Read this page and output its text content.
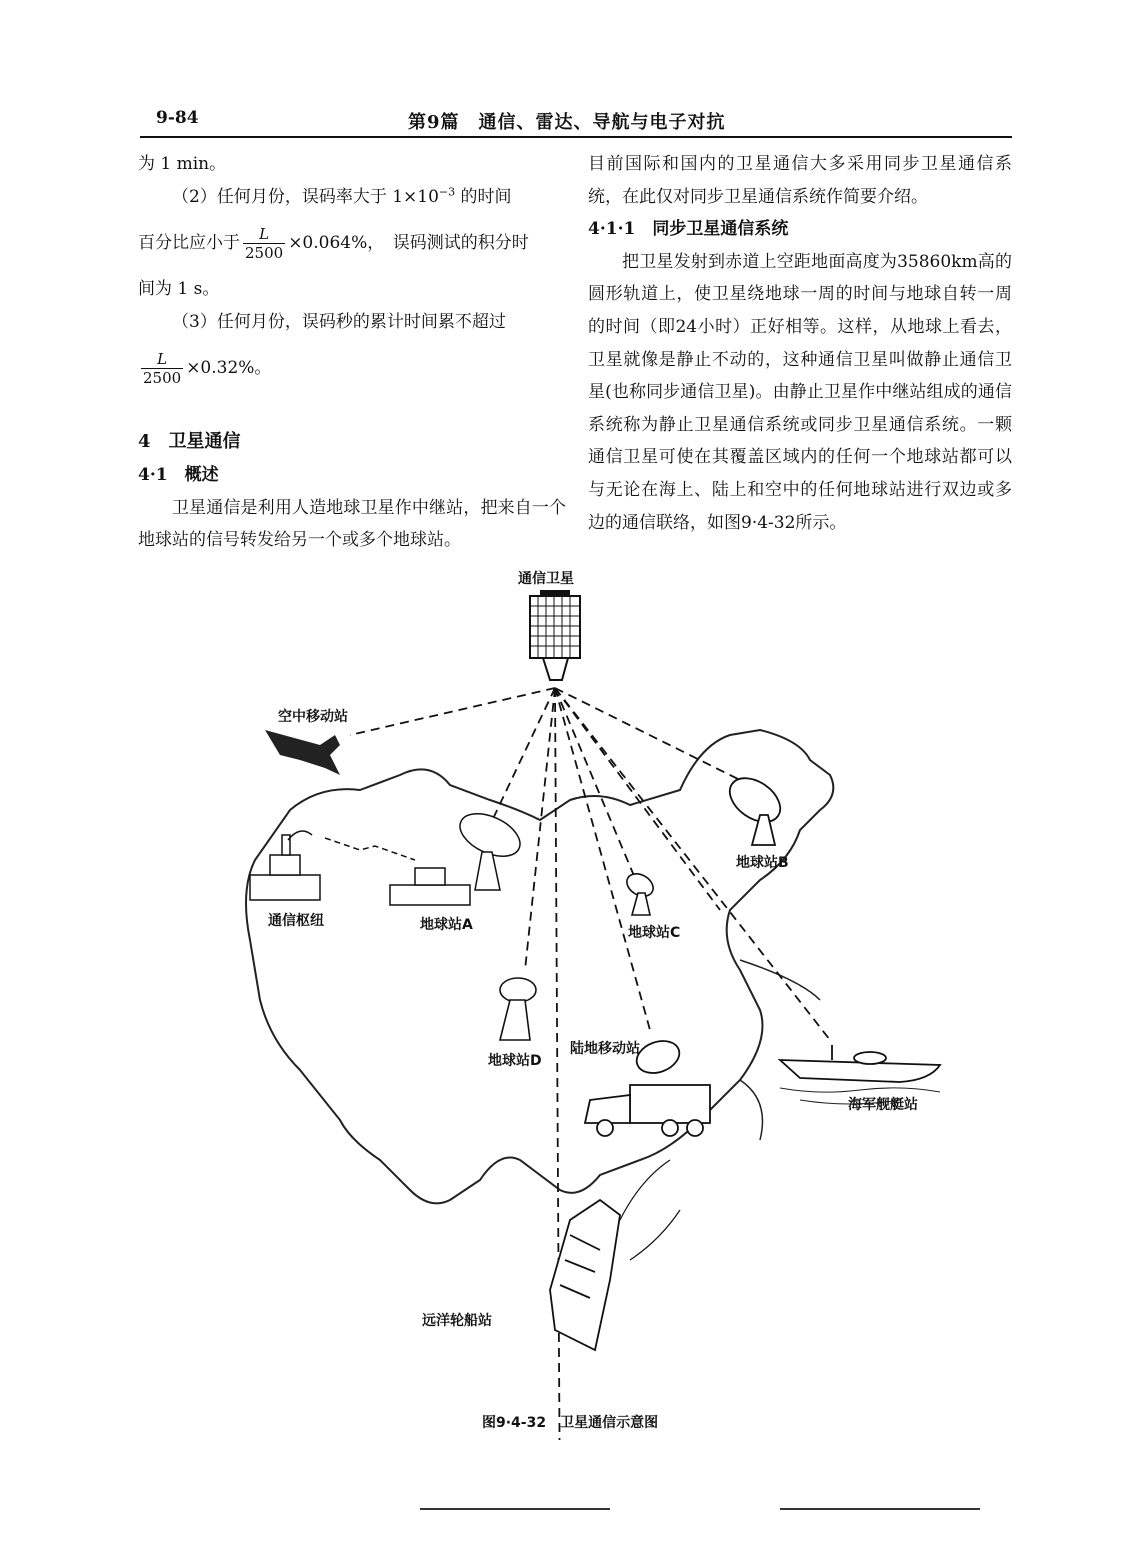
9-84	第9篇　通信、雷达、导航与电子对抗

为 1 min。

（2）任何月份，误码率大于 $1\times 10^{-3}$ 的时间

百分比应小于 $\frac{L}{2500} \times 0.064\%$，　误码测试的积分时

间为 1 s。

（3）任何月份，误码秒的累计时间累不超过

$\frac{L}{2500} \times 0.32\%$。

4　卫星通信

4·1　概述

卫星通信是利用人造地球卫星作中继站，把来自一个地球站的信号转发给另一个或多个地球站。

目前国际和国内的卫星通信大多采用同步卫星通信系统，在此仅对同步卫星通信系统作简要介绍。

4·1·1　同步卫星通信系统

把卫星发射到赤道上空距地面高度为35860km高的圆形轨道上，使卫星绕地球一周的时间与地球自转一周的时间（即24小时）正好相等。这样，从地球上看去，卫星就像是静止不动的，这种通信卫星叫做静止通信卫星(也称同步通信卫星)。由静止卫星作中继站组成的通信系统称为静止卫星通信系统或同步卫星通信系统。一颗通信卫星可使在其覆盖区域内的任何一个地球站都可以与无论在海上、陆上和空中的任何地球站进行双边或多边的通信联络，如图9·4-32所示。

通信卫星
空中移动站
通信枢纽	地球站A
地球站B
地球站C
地球站D
陆地移动站
海军舰艇站
远洋轮船站
图9·4-32　卫星通信示意图
